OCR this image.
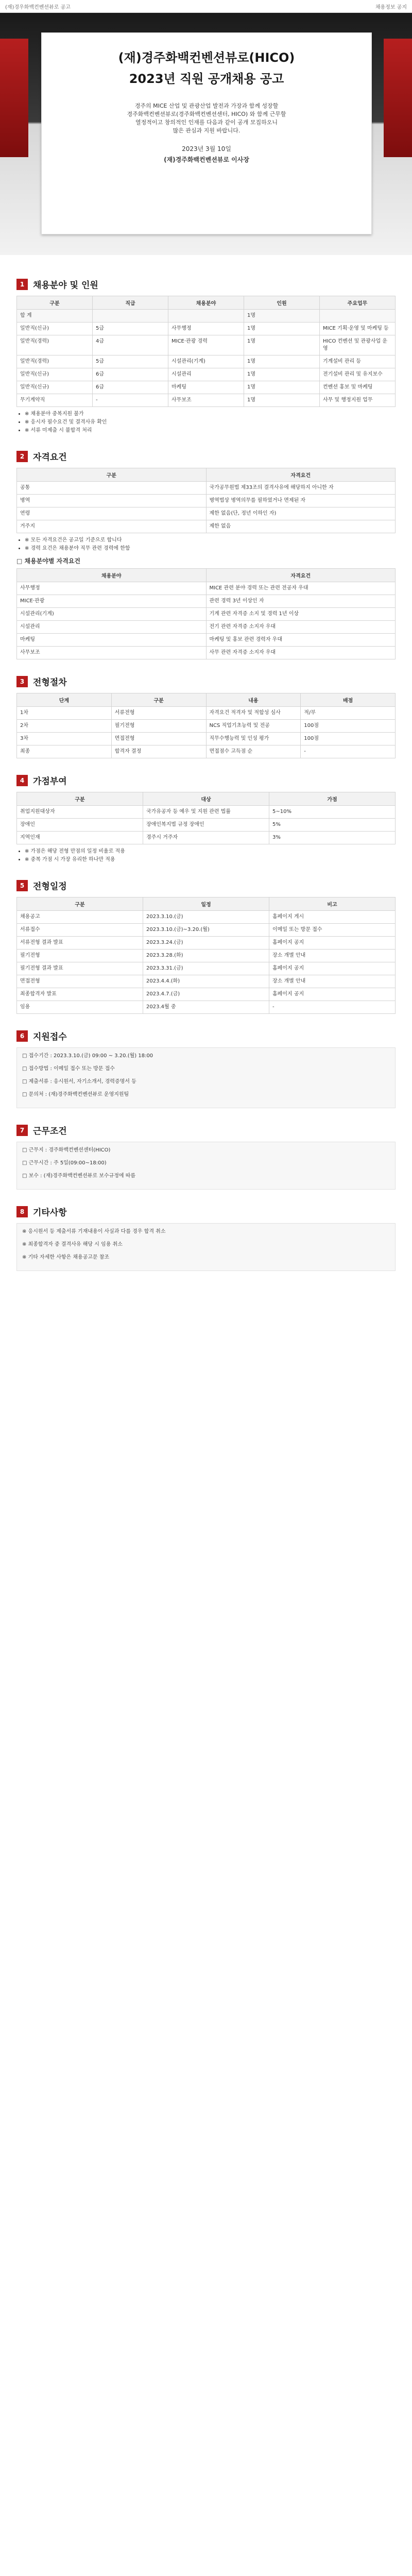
(재)경우화백컨벤션뷰로 공고	채용정보 공지
(재)경주화백컨벤션뷰로(HICO)
2023년 직원 공개채용 공고
경주의 MICE 산업 및 관광산업 발전과 가장과 함께 성장할
경주화백컨벤션뷰로(경주화백컨벤션센터, HICO) 와 함께 근무할
열정적이고 창의적인 인재를 다음과 같이 공개 모집하오니
많은 관심과 지원 바랍니다.
2023년 3월 10일
(재)경주화백컨벤션뷰로 이사장
1 채용분야 및 인원
구분	직급	채용분야	인원	주요업무
합 계			1명	
일반직(신규)	5급	사무행정	1명	MICE 기획·운영 및 마케팅 등
일반직(경력)	4급	MICE·관광 경력	1명	HICO 컨벤션 및 관광사업 운영
일반직(경력)	5급	시설관리(기계)	1명	기계설비 관리 등
일반직(신규)	6급	시설관리	1명	전기설비 관리 및 유지보수
일반직(신규)	6급	마케팅	1명	컨벤션 홍보 및 마케팅
무기계약직	-	사무보조	1명	사무 및 행정지원 업무
• ※ 채용분야 중복지원 불가
• ※ 응시자 필수요건 및 결격사유 확인
• ※ 서류 미제출 시 불합격 처리
2 자격요건
구분	자격요건
공통	국가공무원법 제33조의 결격사유에 해당하지 아니한 자
병역	병역법상 병역의무를 필하였거나 면제된 자
연령	제한 없음(단, 정년 이하인 자)
거주지	제한 없음
• ※ 모든 자격요건은 공고일 기준으로 합니다
• ※ 경력 요건은 채용분야 직무 관련 경력에 한함
□ 채용분야별 자격요건
채용분야	자격요건
사무행정	MICE 관련 분야 경력 또는 관련 전공자 우대
MICE·관광	관련 경력 3년 이상인 자
시설관리(기계)	기계 관련 자격증 소지 및 경력 1년 이상
시설관리	전기 관련 자격증 소지자 우대
마케팅	마케팅 및 홍보 관련 경력자 우대
사무보조	사무 관련 자격증 소지자 우대
3 전형절차
단계	구분	내용	배점
1차	서류전형	자격요건 적격자 및 적합성 심사	적/부
2차	필기전형	NCS 직업기초능력 및 전공	100점
3차	면접전형	직무수행능력 및 인성 평가	100점
최종	합격자 결정	면접점수 고득점 순	-
4 가점부여
구분	대상	가점
취업지원대상자	국가유공자 등 예우 및 지원 관련 법률	5~10%
장애인	장애인복지법 규정 장애인	5%
지역인재	경주시 거주자	3%
• ※ 가점은 해당 전형 만점의 일정 비율로 적용
• ※ 중복 가점 시 가장 유리한 하나만 적용
5 전형일정
구분	일정	비고
채용공고	2023.3.10.(금)	홈페이지 게시
서류접수	2023.3.10.(금)~3.20.(월)	이메일 또는 방문 접수
서류전형 결과 발표	2023.3.24.(금)	홈페이지 공지
필기전형	2023.3.28.(화)	장소 개별 안내
필기전형 결과 발표	2023.3.31.(금)	홈페이지 공지
면접전형	2023.4.4.(화)	장소 개별 안내
최종합격자 발표	2023.4.7.(금)	홈페이지 공지
임용	2023.4월 중	-
6 지원접수
□ 접수기간 : 2023.3.10.(금) 09:00 ~ 3.20.(월) 18:00
□ 접수방법 : 이메일 접수 또는 방문 접수
□ 제출서류 : 응시원서, 자기소개서, 경력증명서 등
□ 문의처 : (재)경주화백컨벤션뷰로 운영지원팀
7 근무조건
□ 근무지 : 경주화백컨벤션센터(HICO)
□ 근무시간 : 주 5일(09:00~18:00)
□ 보수 : (재)경주화백컨벤션뷰로 보수규정에 따름
8 기타사항
※ 응시원서 등 제출서류 기재내용이 사실과 다를 경우 합격 취소
※ 최종합격자 중 결격사유 해당 시 임용 취소
※ 기타 자세한 사항은 채용공고문 참조
